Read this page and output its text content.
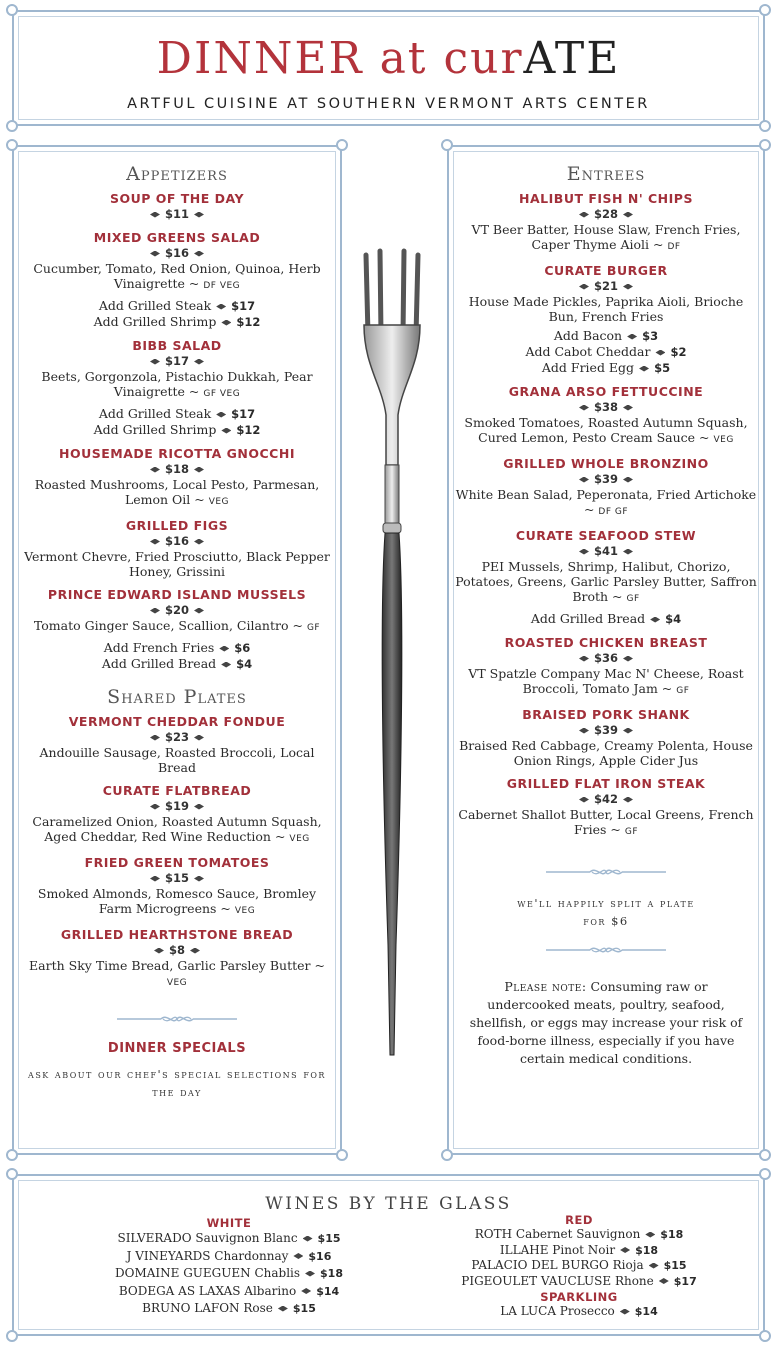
DINNER at curATE
ARTFUL CUISINE AT SOUTHERN VERMONT ARTS CENTER
Appetizers
SOUP OF THE DAY
$11
MIXED GREENS SALAD
$16
Cucumber, Tomato, Red Onion, Quinoa, Herb Vinaigrette ~ DF VEG
Add Grilled Steak $17
Add Grilled Shrimp $12
BIBB SALAD
$17
Beets, Gorgonzola, Pistachio Dukkah, Pear Vinaigrette ~ GF VEG
Add Grilled Steak $17
Add Grilled Shrimp $12
HOUSEMADE RICOTTA GNOCCHI
$18
Roasted Mushrooms, Local Pesto, Parmesan, Lemon Oil ~ VEG
GRILLED FIGS
$16
Vermont Chevre, Fried Prosciutto, Black Pepper Honey, Grissini
PRINCE EDWARD ISLAND MUSSELS
$20
Tomato Ginger Sauce, Scallion, Cilantro ~ GF
Add French Fries $6
Add Grilled Bread $4
Shared Plates
VERMONT CHEDDAR FONDUE
$23
Andouille Sausage, Roasted Broccoli, Local Bread
CURATE FLATBREAD
$19
Caramelized Onion, Roasted Autumn Squash, Aged Cheddar, Red Wine Reduction ~ VEG
FRIED GREEN TOMATOES
$15
Smoked Almonds, Romesco Sauce, Bromley Farm Microgreens ~ VEG
GRILLED HEARTHSTONE BREAD
$8
Earth Sky Time Bread, Garlic Parsley Butter ~ VEG
DINNER SPECIALS
ask about our chef's special selections for the day
Entrees
HALIBUT FISH N' CHIPS
$28
VT Beer Batter, House Slaw, French Fries, Caper Thyme Aioli ~ DF
CURATE BURGER
$21
House Made Pickles, Paprika Aioli, Brioche Bun, French Fries
Add Bacon $3
Add Cabot Cheddar $2
Add Fried Egg $5
GRANA ARSO FETTUCCINE
$38
Smoked Tomatoes, Roasted Autumn Squash, Cured Lemon, Pesto Cream Sauce ~ VEG
GRILLED WHOLE BRONZINO
$39
White Bean Salad, Peperonata, Fried Artichoke ~ DF GF
CURATE SEAFOOD STEW
$41
PEI Mussels, Shrimp, Halibut, Chorizo, Potatoes, Greens, Garlic Parsley Butter, Saffron Broth ~ GF
Add Grilled Bread $4
ROASTED CHICKEN BREAST
$36
VT Spatzle Company Mac N' Cheese, Roast Broccoli, Tomato Jam ~ GF
BRAISED PORK SHANK
$39
Braised Red Cabbage, Creamy Polenta, House Onion Rings, Apple Cider Jus
GRILLED FLAT IRON STEAK
$42
Cabernet Shallot Butter, Local Greens, French Fries ~ GF
we'll happily split a plate for $6
Please note: Consuming raw or undercooked meats, poultry, seafood, shellfish, or eggs may increase your risk of food-borne illness, especially if you have certain medical conditions.
WINES BY THE GLASS
WHITE
SILVERADO Sauvignon Blanc $15
J VINEYARDS Chardonnay $16
DOMAINE GUEGUEN Chablis $18
BODEGA AS LAXAS Albarino $14
BRUNO LAFON Rose $15
RED
ROTH Cabernet Sauvignon $18
ILLAHE Pinot Noir $18
PALACIO DEL BURGO Rioja $15
PIGEOULET VAUCLUSE Rhone $17
SPARKLING
LA LUCA Prosecco $14
